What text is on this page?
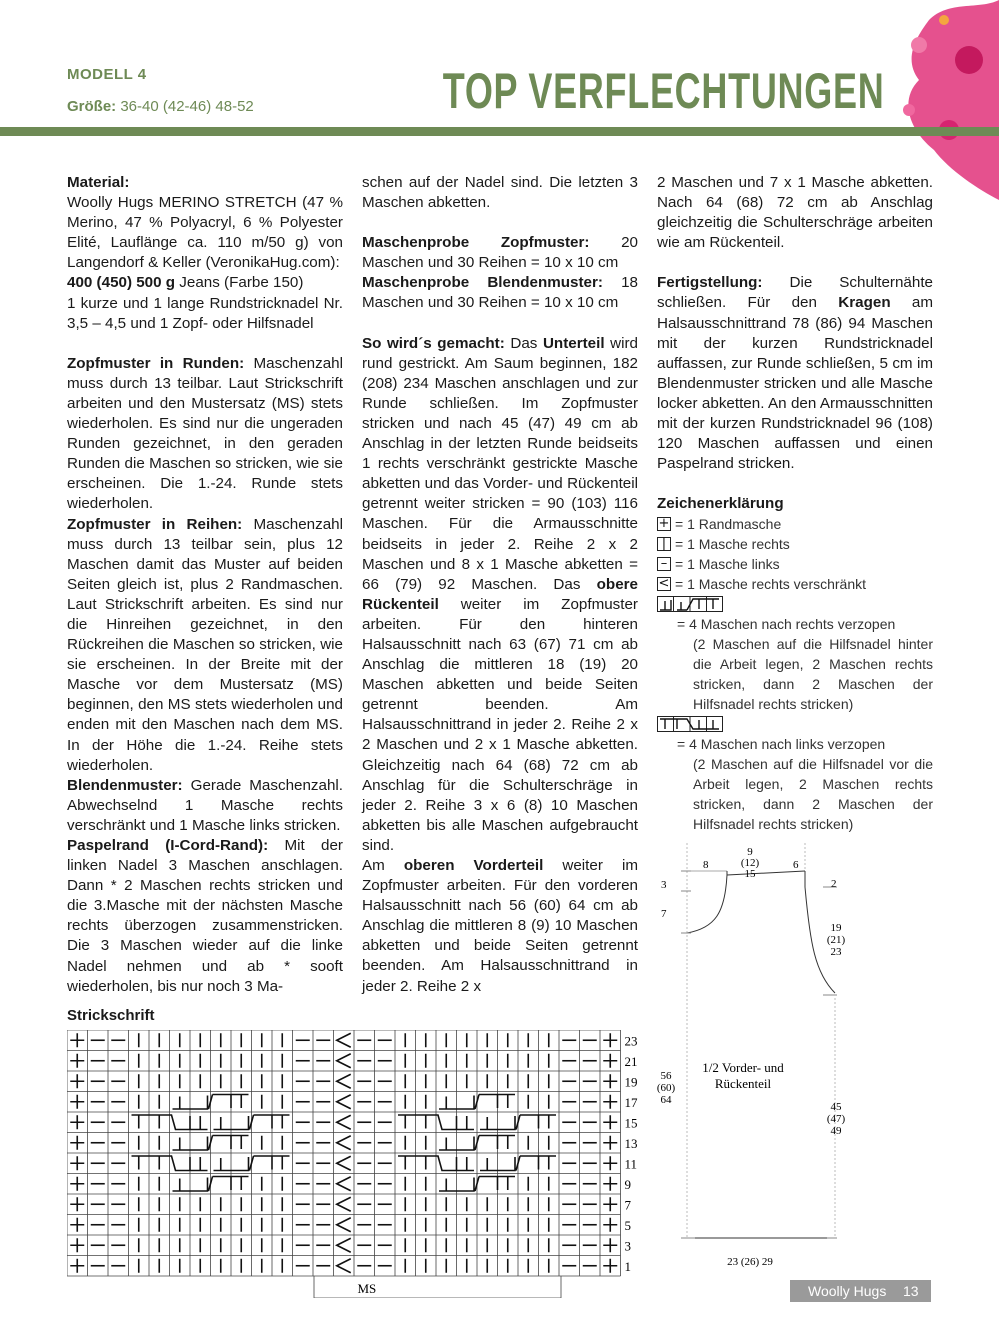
MODELL 4
Größe: 36-40 (42-46) 48-52	TOP VERFLECHTUNGEN

Material:

Woolly Hugs MERINO STRETCH (47 % Merino, 47 % Polyacryl, 6 % Polyester Elité, Lauflänge ca. 110 m/50 g) von Langendorf & Keller (VeronikaHug.com):

400 (450) 500 g Jeans (Farbe 150)

1 kurze und 1 lange Rundstricknadel Nr. 3,5 – 4,5 und 1 Zopf- oder Hilfsnadel

Zopfmuster in Runden: Maschenzahl muss durch 13 teilbar. Laut Strickschrift arbeiten und den Mustersatz (MS) stets wiederholen. Es sind nur die ungeraden Runden gezeichnet, in den geraden Runden die Maschen so stricken, wie sie erscheinen. Die 1.-24. Runde stets wiederholen.

Zopfmuster in Reihen: Maschenzahl muss durch 13 teilbar sein, plus 12 Maschen damit das Muster auf beiden Seiten gleich ist, plus 2 Randmaschen. Laut Strickschrift arbeiten. Es sind nur die Hinreihen gezeichnet, in den Rückreihen die Maschen so stricken, wie sie erscheinen. In der Breite mit der Masche vor dem Mustersatz (MS) beginnen, den MS stets wiederholen und enden mit den Maschen nach dem MS. In der Höhe die 1.-24. Reihe stets wiederholen.

Blendenmuster: Gerade Maschenzahl. Abwechselnd 1 Masche rechts verschränkt und 1 Masche links stricken.

Paspelrand (I-Cord-Rand): Mit der linken Nadel 3 Maschen anschlagen. Dann * 2 Maschen rechts stricken und die 3.Masche mit der nächsten Masche rechts überzogen zusammenstricken. Die 3 Maschen wieder auf die linke Nadel nehmen und ab * sooft wiederholen, bis nur noch 3 Ma-

schen auf der Nadel sind. Die letzten 3 Maschen abketten.

Maschenprobe Zopfmuster: 20 Maschen und 30 Reihen = 10 x 10 cm

Maschenprobe Blendenmuster: 18 Maschen und 30 Reihen = 10 x 10 cm

So wird´s gemacht: Das Unterteil wird rund gestrickt. Am Saum beginnen, 182 (208) 234 Maschen anschlagen und zur Runde schließen. Im Zopfmuster stricken und nach 45 (47) 49 cm ab Anschlag in der letzten Runde beidseits 1 rechts verschränkt gestrickte Masche abketten und das Vorder- und Rückenteil getrennt weiter stricken = 90 (103) 116 Maschen. Für die Armausschnitte beidseits in jeder 2. Reihe 2 x 2 Maschen und 8 x 1 Masche abketten = 66 (79) 92 Maschen. Das obere Rückenteil weiter im Zopfmuster arbeiten. Für den hinteren Halsausschnitt nach 63 (67) 71 cm ab Anschlag die mittleren 18 (19) 20 Maschen abketten und beide Seiten getrennt beenden. Am Halsausschnittrand in jeder 2. Reihe 2 x 2 Maschen und 2 x 1 Masche abketten. Gleichzeitig nach 64 (68) 72 cm ab Anschlag für die Schulterschräge in jeder 2. Reihe 3 x 6 (8) 10 Maschen abketten bis alle Maschen aufgebraucht sind.

Am oberen Vorderteil weiter im Zopfmuster arbeiten. Für den vorderen Halsausschnitt nach 56 (60) 64 cm ab Anschlag die mittleren 8 (9) 10 Maschen abketten und beide Seiten getrennt beenden. Am Halsausschnittrand in jeder 2. Reihe 2 x

2 Maschen und 7 x 1 Masche abketten. Nach 64 (68) 72 cm ab Anschlag gleichzeitig die Schulterschräge arbeiten wie am Rückenteil.

Fertigstellung: Die Schulternähte schließen. Für den Kragen am Halsausschnittrand 78 (86) 94 Maschen mit der kurzen Rundstricknadel auffassen, zur Runde schließen, 5 cm im Blendenmuster stricken und alle Masche locker abketten. An den Armausschnitten mit der kurzen Rundstricknadel 96 (108) 120 Maschen auffassen und einen Paspelrand stricken.

Zeichenerklärung

+ = 1 Randmasche
| = 1 Masche rechts
– = 1 Masche links
< = 1 Masche rechts verschränkt
= 4 Maschen nach rechts verzopen
(2 Maschen auf die Hilfsnadel hinter die Arbeit legen, 2 Maschen rechts stricken, dann 2 Maschen der Hilfsnadel rechts stricken)
= 4 Maschen nach links verzopen
(2 Maschen auf die Hilfsnadel vor die Arbeit legen, 2 Maschen rechts stricken, dann 2 Maschen der Hilfsnadel rechts stricken)
8
9
(12)
15
6
3
7
2
19
(21)
23
56
(60)
64
45
(47)
49
1/2 Vorder- und
Rückenteil
23 (26) 29
Strickschrift
23
21
19
17
15
13
11
9
7
5
3
1
MS	Woolly Hugs 13
